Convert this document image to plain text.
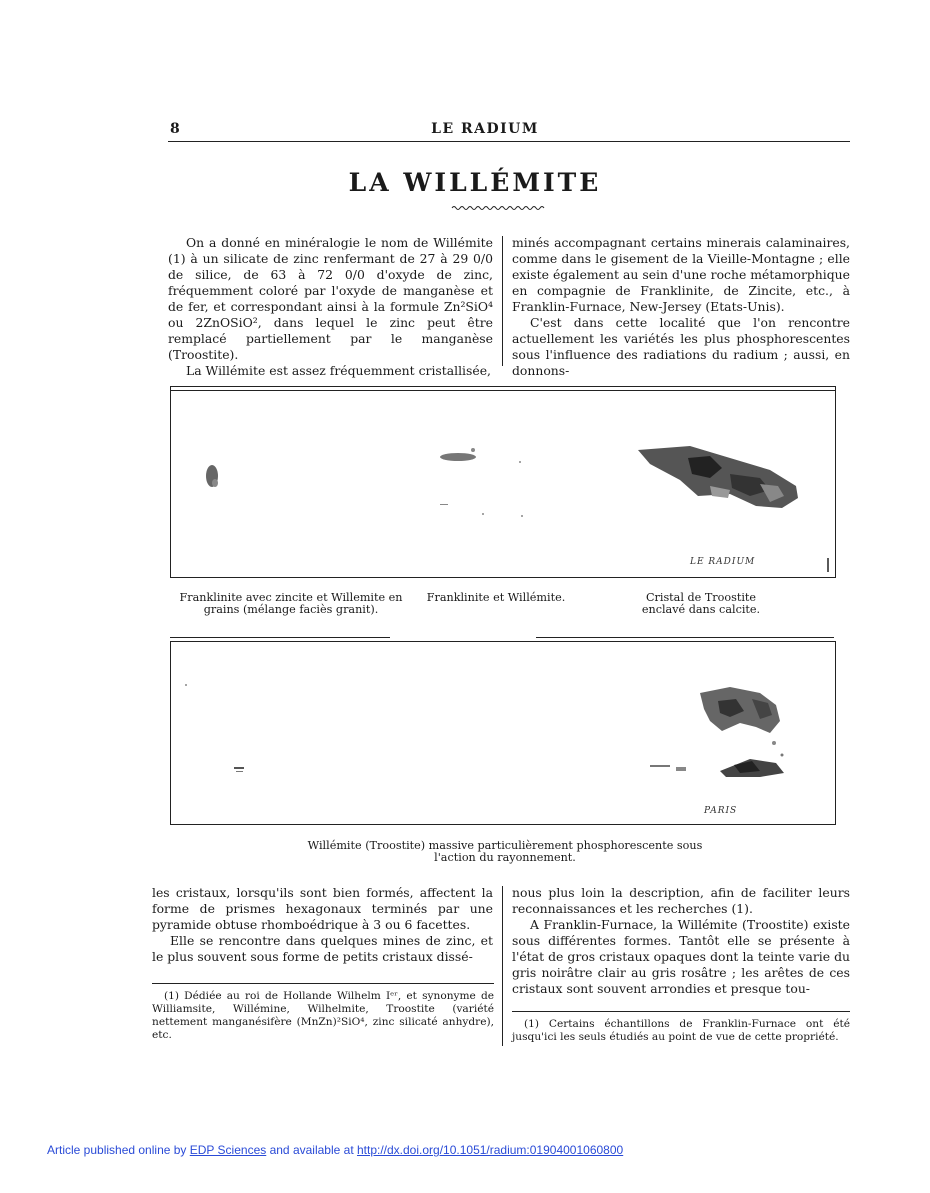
8	LE RADIUM
LA WILLÉMITE

On a donné en minéralogie le nom de Willémite (1) à un silicate de zinc renfermant de 27 à 29 0/0 de silice, de 63 à 72 0/0 d'oxyde de zinc, fréquemment coloré par l'oxyde de manganèse et de fer, et correspondant ainsi à la formule Zn²SiO⁴ ou 2ZnOSiO², dans lequel le zinc peut être remplacé partiellement par le manganèse (Troostite).

La Willémite est assez fréquemment cristallisée,

minés accompagnant certains minerais calaminaires, comme dans le gisement de la Vieille-Montagne ; elle existe également au sein d'une roche métamorphique en compagnie de Franklinite, de Zincite, etc., à Franklin-Furnace, New-Jersey (Etats-Unis).

C'est dans cette localité que l'on rencontre actuellement les variétés les plus phosphorescentes sous l'influence des radiations du radium ; aussi, en donnons-

LE RADIUM
Franklinite avec zincite et Willemite en grains (mélange faciès granit).
Franklinite et Willémite.	Cristal de Troostite enclavé dans calcite.
PARIS
Willémite (Troostite) massive particulièrement phosphorescente sous l'action du rayonnement.

les cristaux, lorsqu'ils sont bien formés, affectent la forme de prismes hexagonaux terminés par une pyramide obtuse rhomboédrique à 3 ou 6 facettes.

Elle se rencontre dans quelques mines de zinc, et le plus souvent sous forme de petits cristaux dissé-

nous plus loin la description, afin de faciliter leurs reconnaissances et les recherches (1).

A Franklin-Furnace, la Willémite (Troostite) existe sous différentes formes. Tantôt elle se présente à l'état de gros cristaux opaques dont la teinte varie du gris noirâtre clair au gris rosâtre ; les arêtes de ces cristaux sont souvent arrondies et presque tou-

(1) Dédiée au roi de Hollande Wilhelm Iᵉʳ, et synonyme de Williamsite, Willémine, Wilhelmite, Troostite (variété nettement manganésifère (MnZn)²SiO⁴, zinc silicaté anhydre), etc.

(1) Certains échantillons de Franklin-Furnace ont été jusqu'ici les seuls étudiés au point de vue de cette propriété.

Article published online by EDP Sciences and available at http://dx.doi.org/10.1051/radium:01904001060800
